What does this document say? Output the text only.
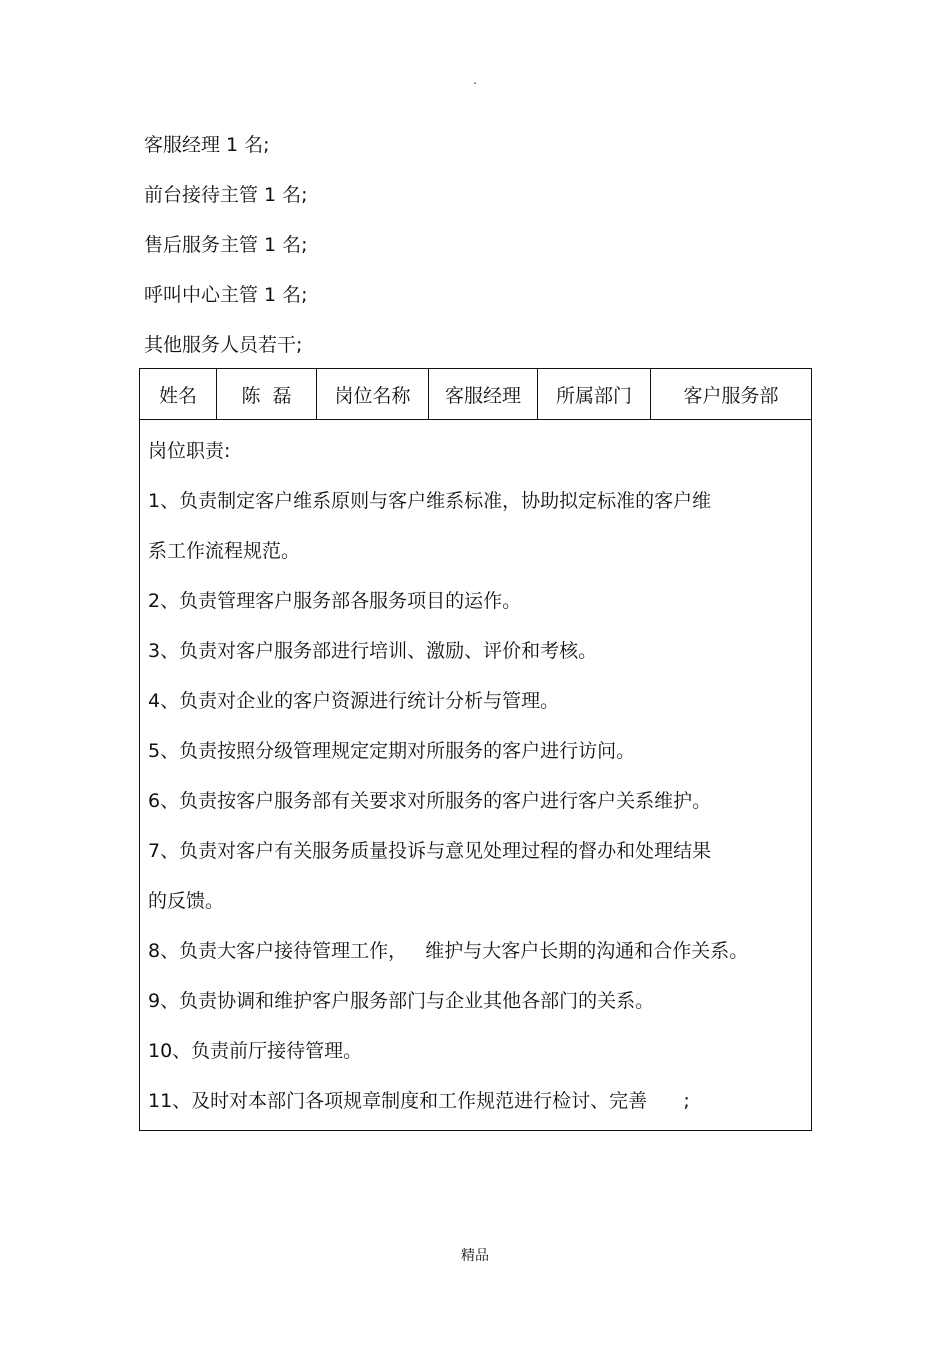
.
客服经理 1 名;
前台接待主管 1 名;
售后服务主管 1 名;
呼叫中心主管 1 名;
其他服务人员若干;
姓名	陈  磊	岗位名称	客服经理	所属部门	客户服务部

岗位职责:
1、负责制定客户维系原则与客户维系标准，协助拟定标准的客户维
系工作流程规范。
2、负责管理客户服务部各服务项目的运作。
3、负责对客户服务部进行培训、激励、评价和考核。
4、负责对企业的客户资源进行统计分析与管理。
5、负责按照分级管理规定定期对所服务的客户进行访问。
6、负责按客户服务部有关要求对所服务的客户进行客户关系维护。
7、负责对客户有关服务质量投诉与意见处理过程的督办和处理结果
的反馈。
8、负责大客户接待管理工作，   维护与大客户长期的沟通和合作关系。
9、负责协调和维护客户服务部门与企业其他各部门的关系。
10、负责前厅接待管理。
11、及时对本部门各项规章制度和工作规范进行检讨、完善      ;
精品
